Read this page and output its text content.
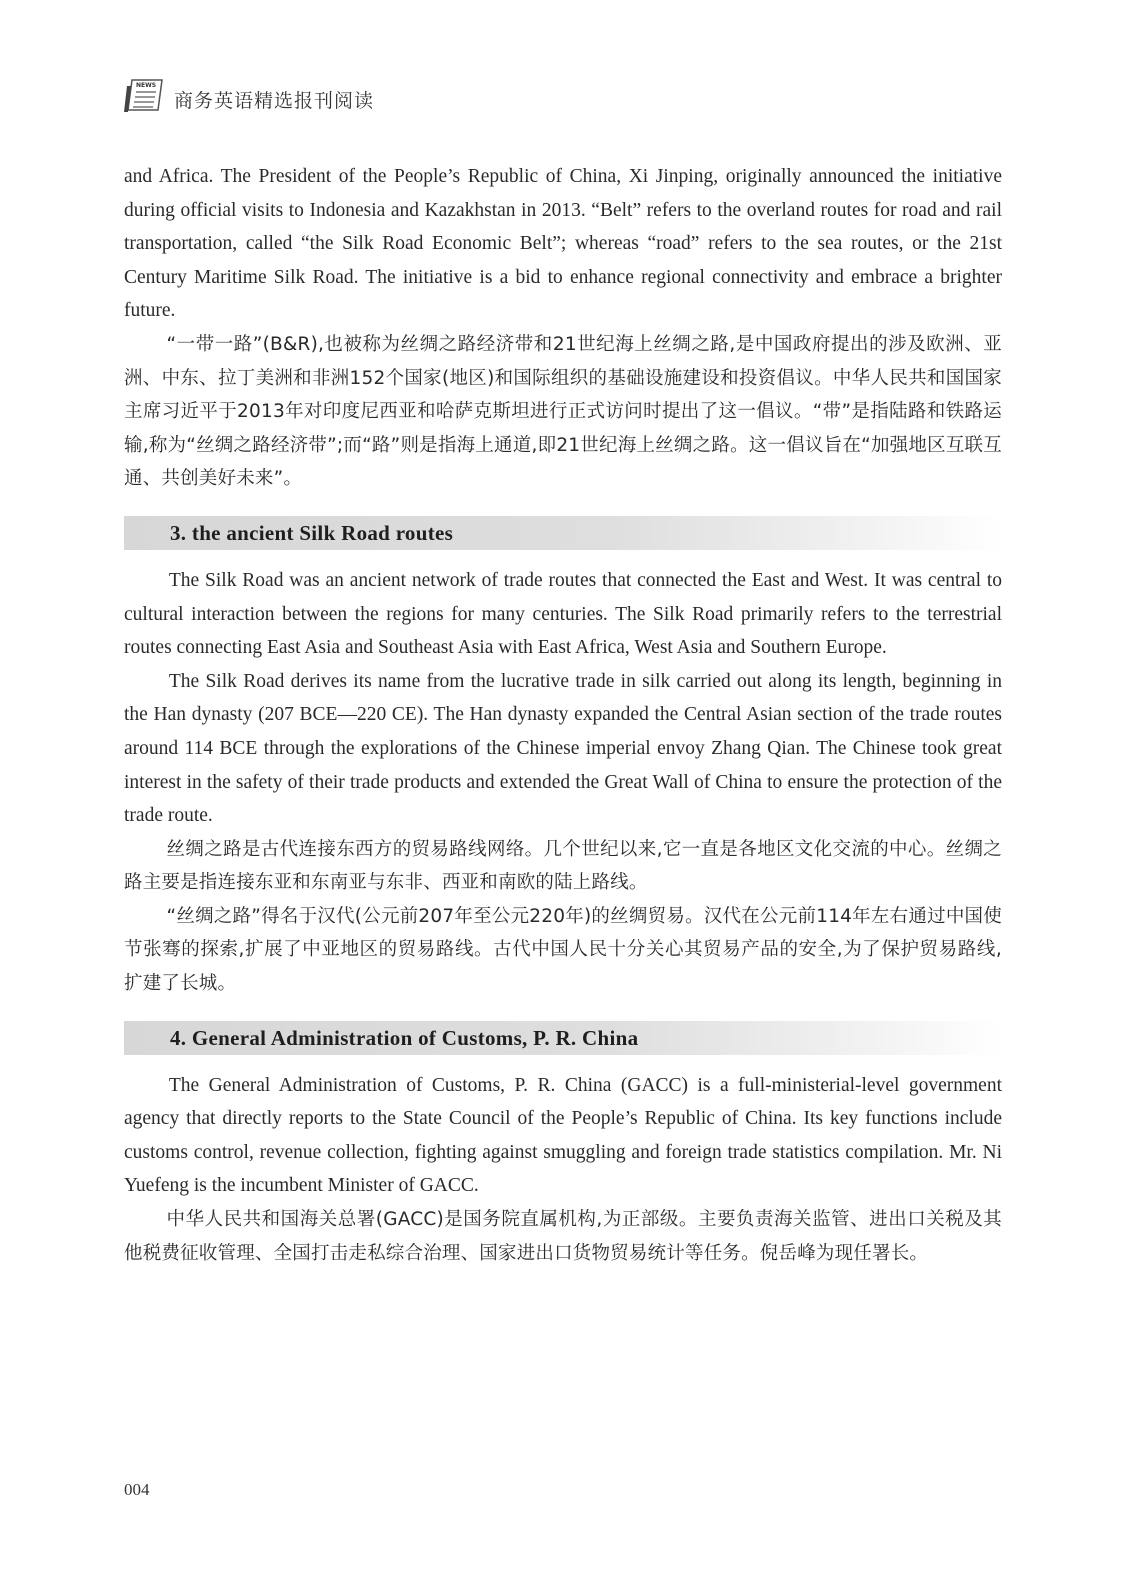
NEWS
商务英语精选报刊阅读

and Africa. The President of the People’s Republic of China, Xi Jinping, originally announced the initiative during official visits to Indonesia and Kazakhstan in 2013. “Belt” refers to the overland routes for road and rail transportation, called “the Silk Road Economic Belt”; whereas “road” refers to the sea routes, or the 21st Century Maritime Silk Road. The initiative is a bid to enhance regional connectivity and embrace a brighter future.

“一带一路”(B&R),也被称为丝绸之路经济带和21世纪海上丝绸之路,是中国政府提出的涉及欧洲、亚洲、中东、拉丁美洲和非洲152个国家(地区)和国际组织的基础设施建设和投资倡议。中华人民共和国国家主席习近平于2013年对印度尼西亚和哈萨克斯坦进行正式访问时提出了这一倡议。“带”是指陆路和铁路运输,称为“丝绸之路经济带”;而“路”则是指海上通道,即21世纪海上丝绸之路。这一倡议旨在“加强地区互联互通、共创美好未来”。

3. the ancient Silk Road routes

The Silk Road was an ancient network of trade routes that connected the East and West. It was central to cultural interaction between the regions for many centuries. The Silk Road primarily refers to the terrestrial routes connecting East Asia and Southeast Asia with East Africa, West Asia and Southern Europe.

The Silk Road derives its name from the lucrative trade in silk carried out along its length, beginning in the Han dynasty (207 BCE—220 CE). The Han dynasty expanded the Central Asian section of the trade routes around 114 BCE through the explorations of the Chinese imperial envoy Zhang Qian. The Chinese took great interest in the safety of their trade products and extended the Great Wall of China to ensure the protection of the trade route.

丝绸之路是古代连接东西方的贸易路线网络。几个世纪以来,它一直是各地区文化交流的中心。丝绸之路主要是指连接东亚和东南亚与东非、西亚和南欧的陆上路线。

“丝绸之路”得名于汉代(公元前207年至公元220年)的丝绸贸易。汉代在公元前114年左右通过中国使节张骞的探索,扩展了中亚地区的贸易路线。古代中国人民十分关心其贸易产品的安全,为了保护贸易路线,扩建了长城。

4. General Administration of Customs, P. R. China

The General Administration of Customs, P. R. China (GACC) is a full-ministerial-level government agency that directly reports to the State Council of the People’s Republic of China. Its key functions include customs control, revenue collection, fighting against smuggling and foreign trade statistics compilation. Mr. Ni Yuefeng is the incumbent Minister of GACC.

中华人民共和国海关总署(GACC)是国务院直属机构,为正部级。主要负责海关监管、进出口关税及其他税费征收管理、全国打击走私综合治理、国家进出口货物贸易统计等任务。倪岳峰为现任署长。

004
